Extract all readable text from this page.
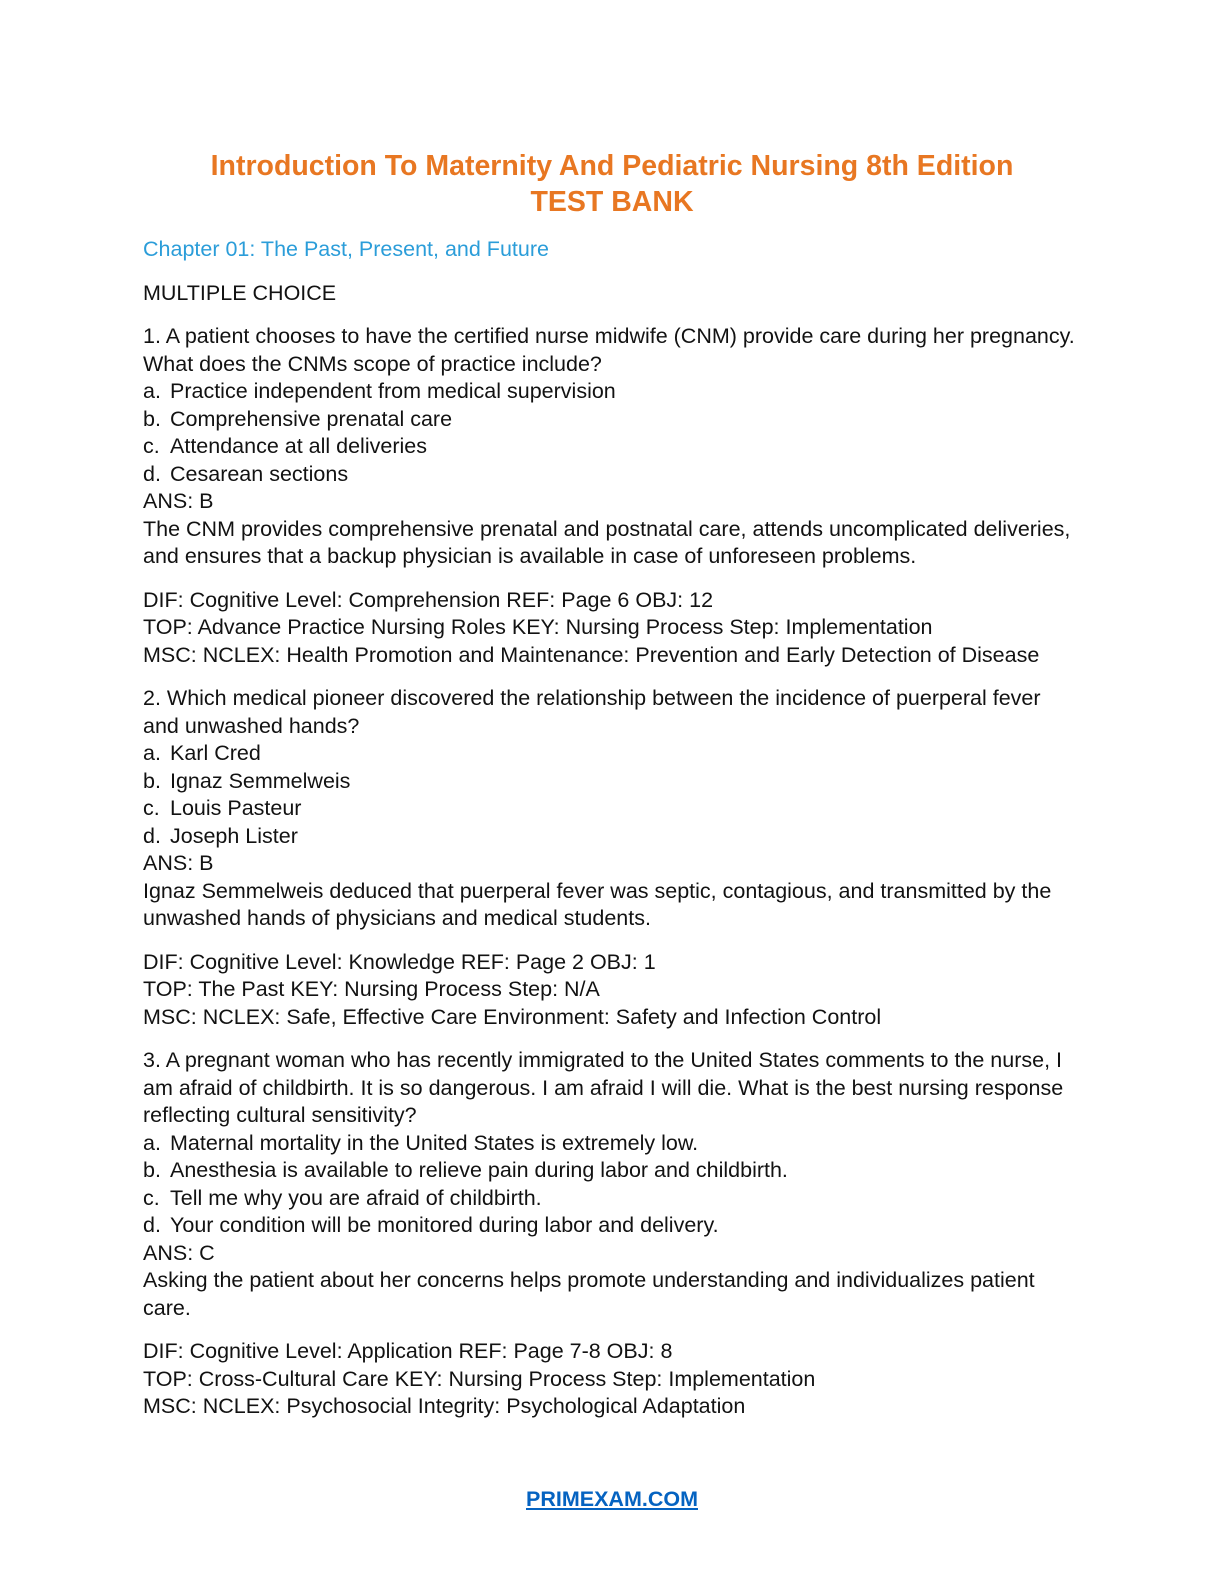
Introduction To Maternity And Pediatric Nursing 8th Edition
TEST BANK
Chapter 01: The Past, Present, and Future
MULTIPLE CHOICE

1. A patient chooses to have the certified nurse midwife (CNM) provide care during her pregnancy. What does the CNMs scope of practice include?

a. Practice independent from medical supervision
b. Comprehensive prenatal care
c. Attendance at all deliveries
d. Cesarean sections

ANS: B

The CNM provides comprehensive prenatal and postnatal care, attends uncomplicated deliveries, and ensures that a backup physician is available in case of unforeseen problems.

DIF: Cognitive Level: Comprehension REF: Page 6 OBJ: 12

TOP: Advance Practice Nursing Roles KEY: Nursing Process Step: Implementation

MSC: NCLEX: Health Promotion and Maintenance: Prevention and Early Detection of Disease

2. Which medical pioneer discovered the relationship between the incidence of puerperal fever and unwashed hands?

a. Karl Cred
b. Ignaz Semmelweis
c. Louis Pasteur
d. Joseph Lister

ANS: B

Ignaz Semmelweis deduced that puerperal fever was septic, contagious, and transmitted by the unwashed hands of physicians and medical students.

DIF: Cognitive Level: Knowledge REF: Page 2 OBJ: 1

TOP: The Past KEY: Nursing Process Step: N/A

MSC: NCLEX: Safe, Effective Care Environment: Safety and Infection Control

3. A pregnant woman who has recently immigrated to the United States comments to the nurse, I am afraid of childbirth. It is so dangerous. I am afraid I will die. What is the best nursing response reflecting cultural sensitivity?

a. Maternal mortality in the United States is extremely low.
b. Anesthesia is available to relieve pain during labor and childbirth.
c. Tell me why you are afraid of childbirth.
d. Your condition will be monitored during labor and delivery.

ANS: C

Asking the patient about her concerns helps promote understanding and individualizes patient care.

DIF: Cognitive Level: Application REF: Page 7-8 OBJ: 8

TOP: Cross-Cultural Care KEY: Nursing Process Step: Implementation

MSC: NCLEX: Psychosocial Integrity: Psychological Adaptation

PRIMEXAM.COM
